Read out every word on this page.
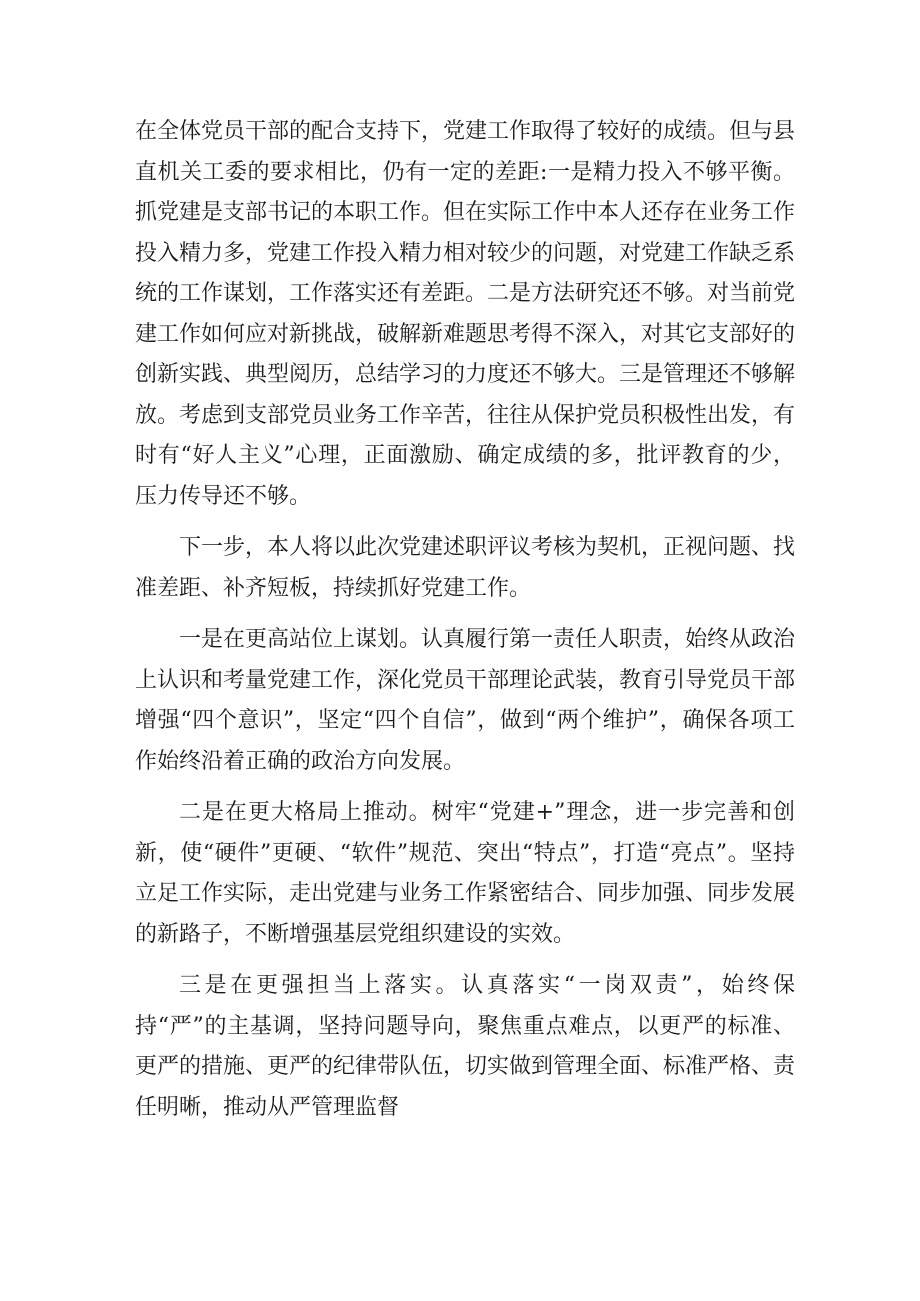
在全体党员干部的配合支持下，党建工作取得了较好的成绩。但与县直机关工委的要求相比，仍有一定的差距:一是精力投入不够平衡。抓党建是支部书记的本职工作。但在实际工作中本人还存在业务工作投入精力多，党建工作投入精力相对较少的问题，对党建工作缺乏系统的工作谋划，工作落实还有差距。二是方法研究还不够。对当前党建工作如何应对新挑战，破解新难题思考得不深入，对其它支部好的创新实践、典型阅历，总结学习的力度还不够大。三是管理还不够解放。考虑到支部党员业务工作辛苦，往往从保护党员积极性出发，有时有“好人主义”心理，正面激励、确定成绩的多，批评教育的少，压力传导还不够。

下一步，本人将以此次党建述职评议考核为契机，正视问题、找准差距、补齐短板，持续抓好党建工作。

一是在更高站位上谋划。认真履行第一责任人职责，始终从政治上认识和考量党建工作，深化党员干部理论武装，教育引导党员干部增强“四个意识”，坚定“四个自信”，做到“两个维护”，确保各项工作始终沿着正确的政治方向发展。

二是在更大格局上推动。树牢“党建+”理念，进一步完善和创新，使“硬件”更硬、“软件”规范、突出“特点”，打造“亮点”。坚持立足工作实际，走出党建与业务工作紧密结合、同步加强、同步发展的新路子，不断增强基层党组织建设的实效。

三是在更强担当上落实。认真落实“一岗双责”，始终保持“严”的主基调，坚持问题导向，聚焦重点难点，以更严的标准、更严的措施、更严的纪律带队伍，切实做到管理全面、标准严格、责任明晰，推动从严管理监督
